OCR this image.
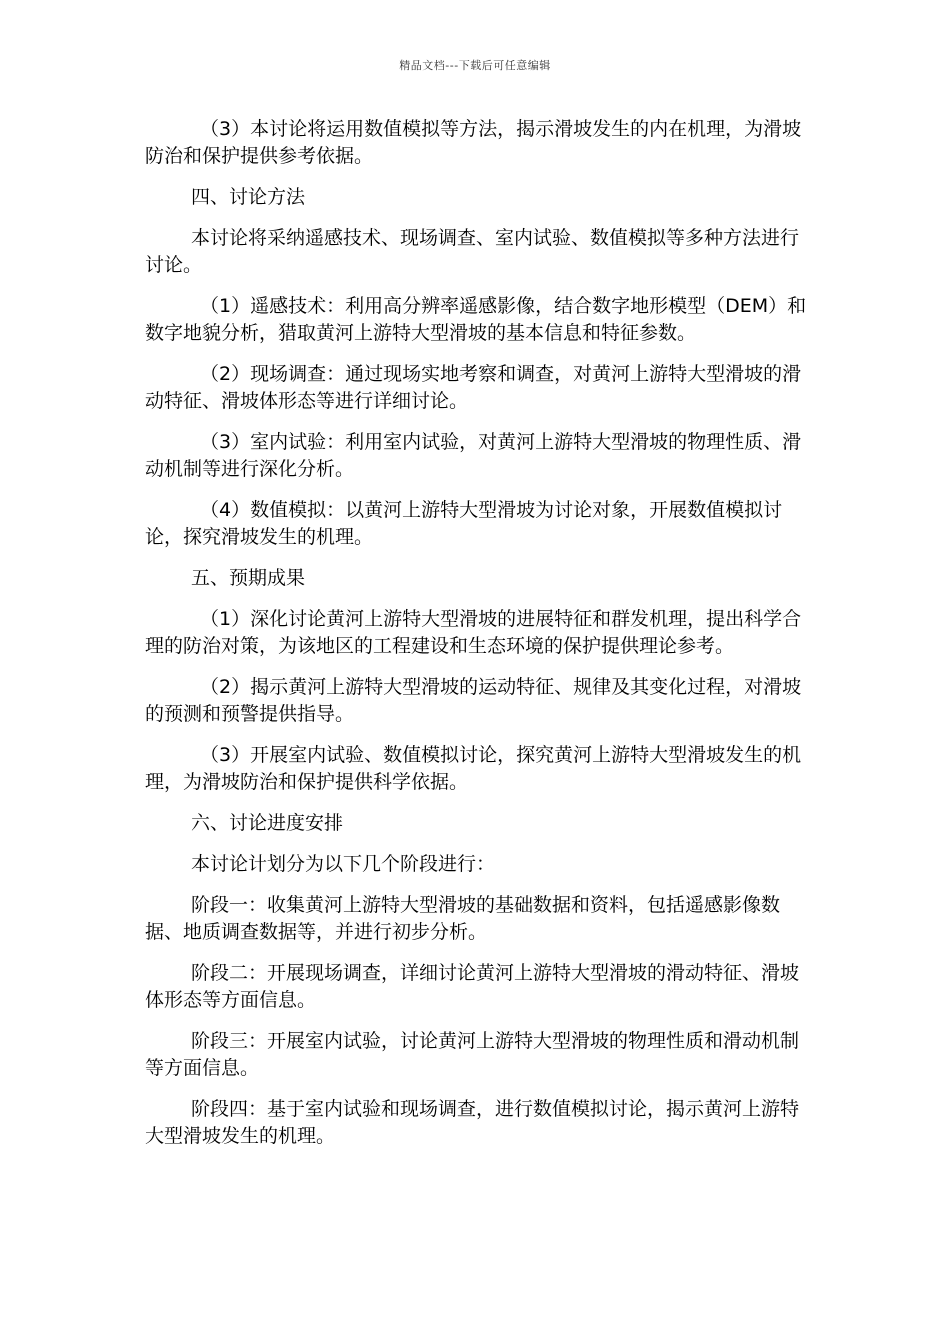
精品文档---下载后可任意编辑

（3）本讨论将运用数值模拟等方法，揭示滑坡发生的内在机理，为滑坡防治和保护提供参考依据。

四、讨论方法

本讨论将采纳遥感技术、现场调查、室内试验、数值模拟等多种方法进行讨论。

（1）遥感技术：利用高分辨率遥感影像，结合数字地形模型（DEM）和数字地貌分析，猎取黄河上游特大型滑坡的基本信息和特征参数。

（2）现场调查：通过现场实地考察和调查，对黄河上游特大型滑坡的滑动特征、滑坡体形态等进行详细讨论。

（3）室内试验：利用室内试验，对黄河上游特大型滑坡的物理性质、滑动机制等进行深化分析。

（4）数值模拟：以黄河上游特大型滑坡为讨论对象，开展数值模拟讨论，探究滑坡发生的机理。

五、预期成果

（1）深化讨论黄河上游特大型滑坡的进展特征和群发机理，提出科学合理的防治对策，为该地区的工程建设和生态环境的保护提供理论参考。

（2）揭示黄河上游特大型滑坡的运动特征、规律及其变化过程，对滑坡的预测和预警提供指导。

（3）开展室内试验、数值模拟讨论，探究黄河上游特大型滑坡发生的机理，为滑坡防治和保护提供科学依据。

六、讨论进度安排

本讨论计划分为以下几个阶段进行：

阶段一：收集黄河上游特大型滑坡的基础数据和资料，包括遥感影像数据、地质调查数据等，并进行初步分析。

阶段二：开展现场调查，详细讨论黄河上游特大型滑坡的滑动特征、滑坡体形态等方面信息。

阶段三：开展室内试验，讨论黄河上游特大型滑坡的物理性质和滑动机制等方面信息。

阶段四：基于室内试验和现场调查，进行数值模拟讨论，揭示黄河上游特大型滑坡发生的机理。
